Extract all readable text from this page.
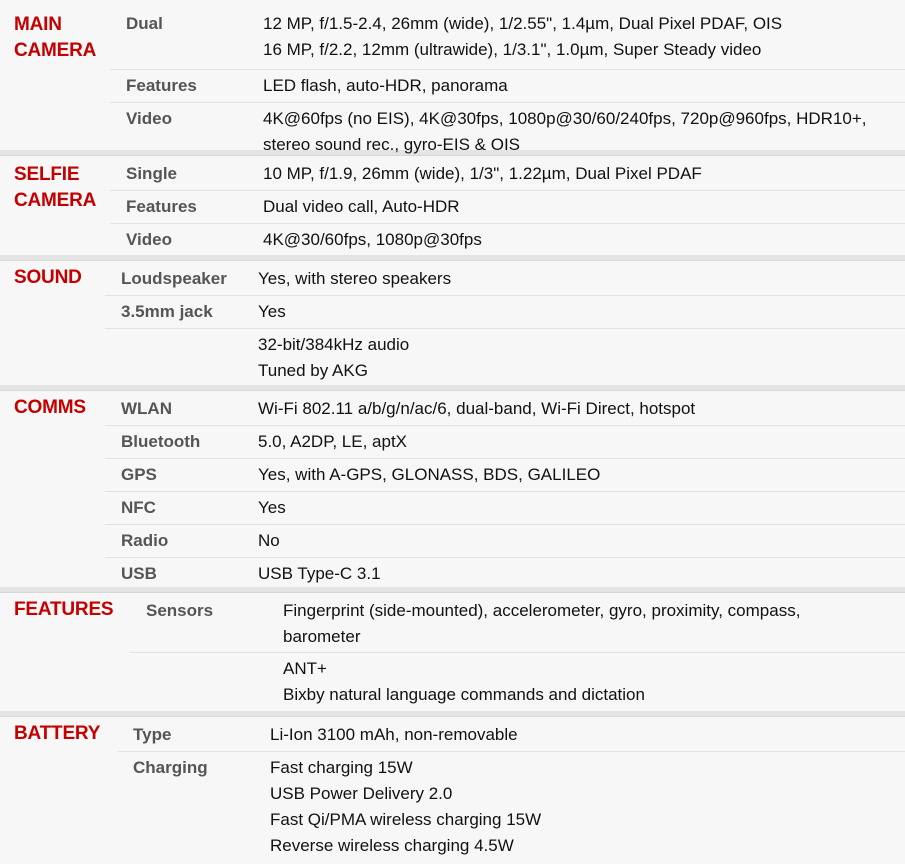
MAIN
CAMERA
Dual	12 MP, f/1.5-2.4, 26mm (wide), 1/2.55", 1.4µm, Dual Pixel PDAF, OIS
16 MP, f/2.2, 12mm (ultrawide), 1/3.1", 1.0µm, Super Steady video
Features	LED flash, auto-HDR, panorama
Video	4K@60fps (no EIS), 4K@30fps, 1080p@30/60/240fps, 720p@960fps, HDR10+,
stereo sound rec., gyro-EIS & OIS
SELFIE
CAMERA
Single	10 MP, f/1.9, 26mm (wide), 1/3", 1.22µm, Dual Pixel PDAF
Features	Dual video call, Auto-HDR
Video	4K@30/60fps, 1080p@30fps
SOUND	Loudspeaker	Yes, with stereo speakers
3.5mm jack	Yes
32-bit/384kHz audio
Tuned by AKG
COMMS	WLAN	Wi-Fi 802.11 a/b/g/n/ac/6, dual-band, Wi-Fi Direct, hotspot
Bluetooth	5.0, A2DP, LE, aptX
GPS	Yes, with A-GPS, GLONASS, BDS, GALILEO
NFC	Yes
Radio	No
USB	USB Type-C 3.1
FEATURES	Sensors	Fingerprint (side-mounted), accelerometer, gyro, proximity, compass,
barometer
ANT+
Bixby natural language commands and dictation
BATTERY	Type	Li-Ion 3100 mAh, non-removable
Charging	Fast charging 15W
USB Power Delivery 2.0
Fast Qi/PMA wireless charging 15W
Reverse wireless charging 4.5W
